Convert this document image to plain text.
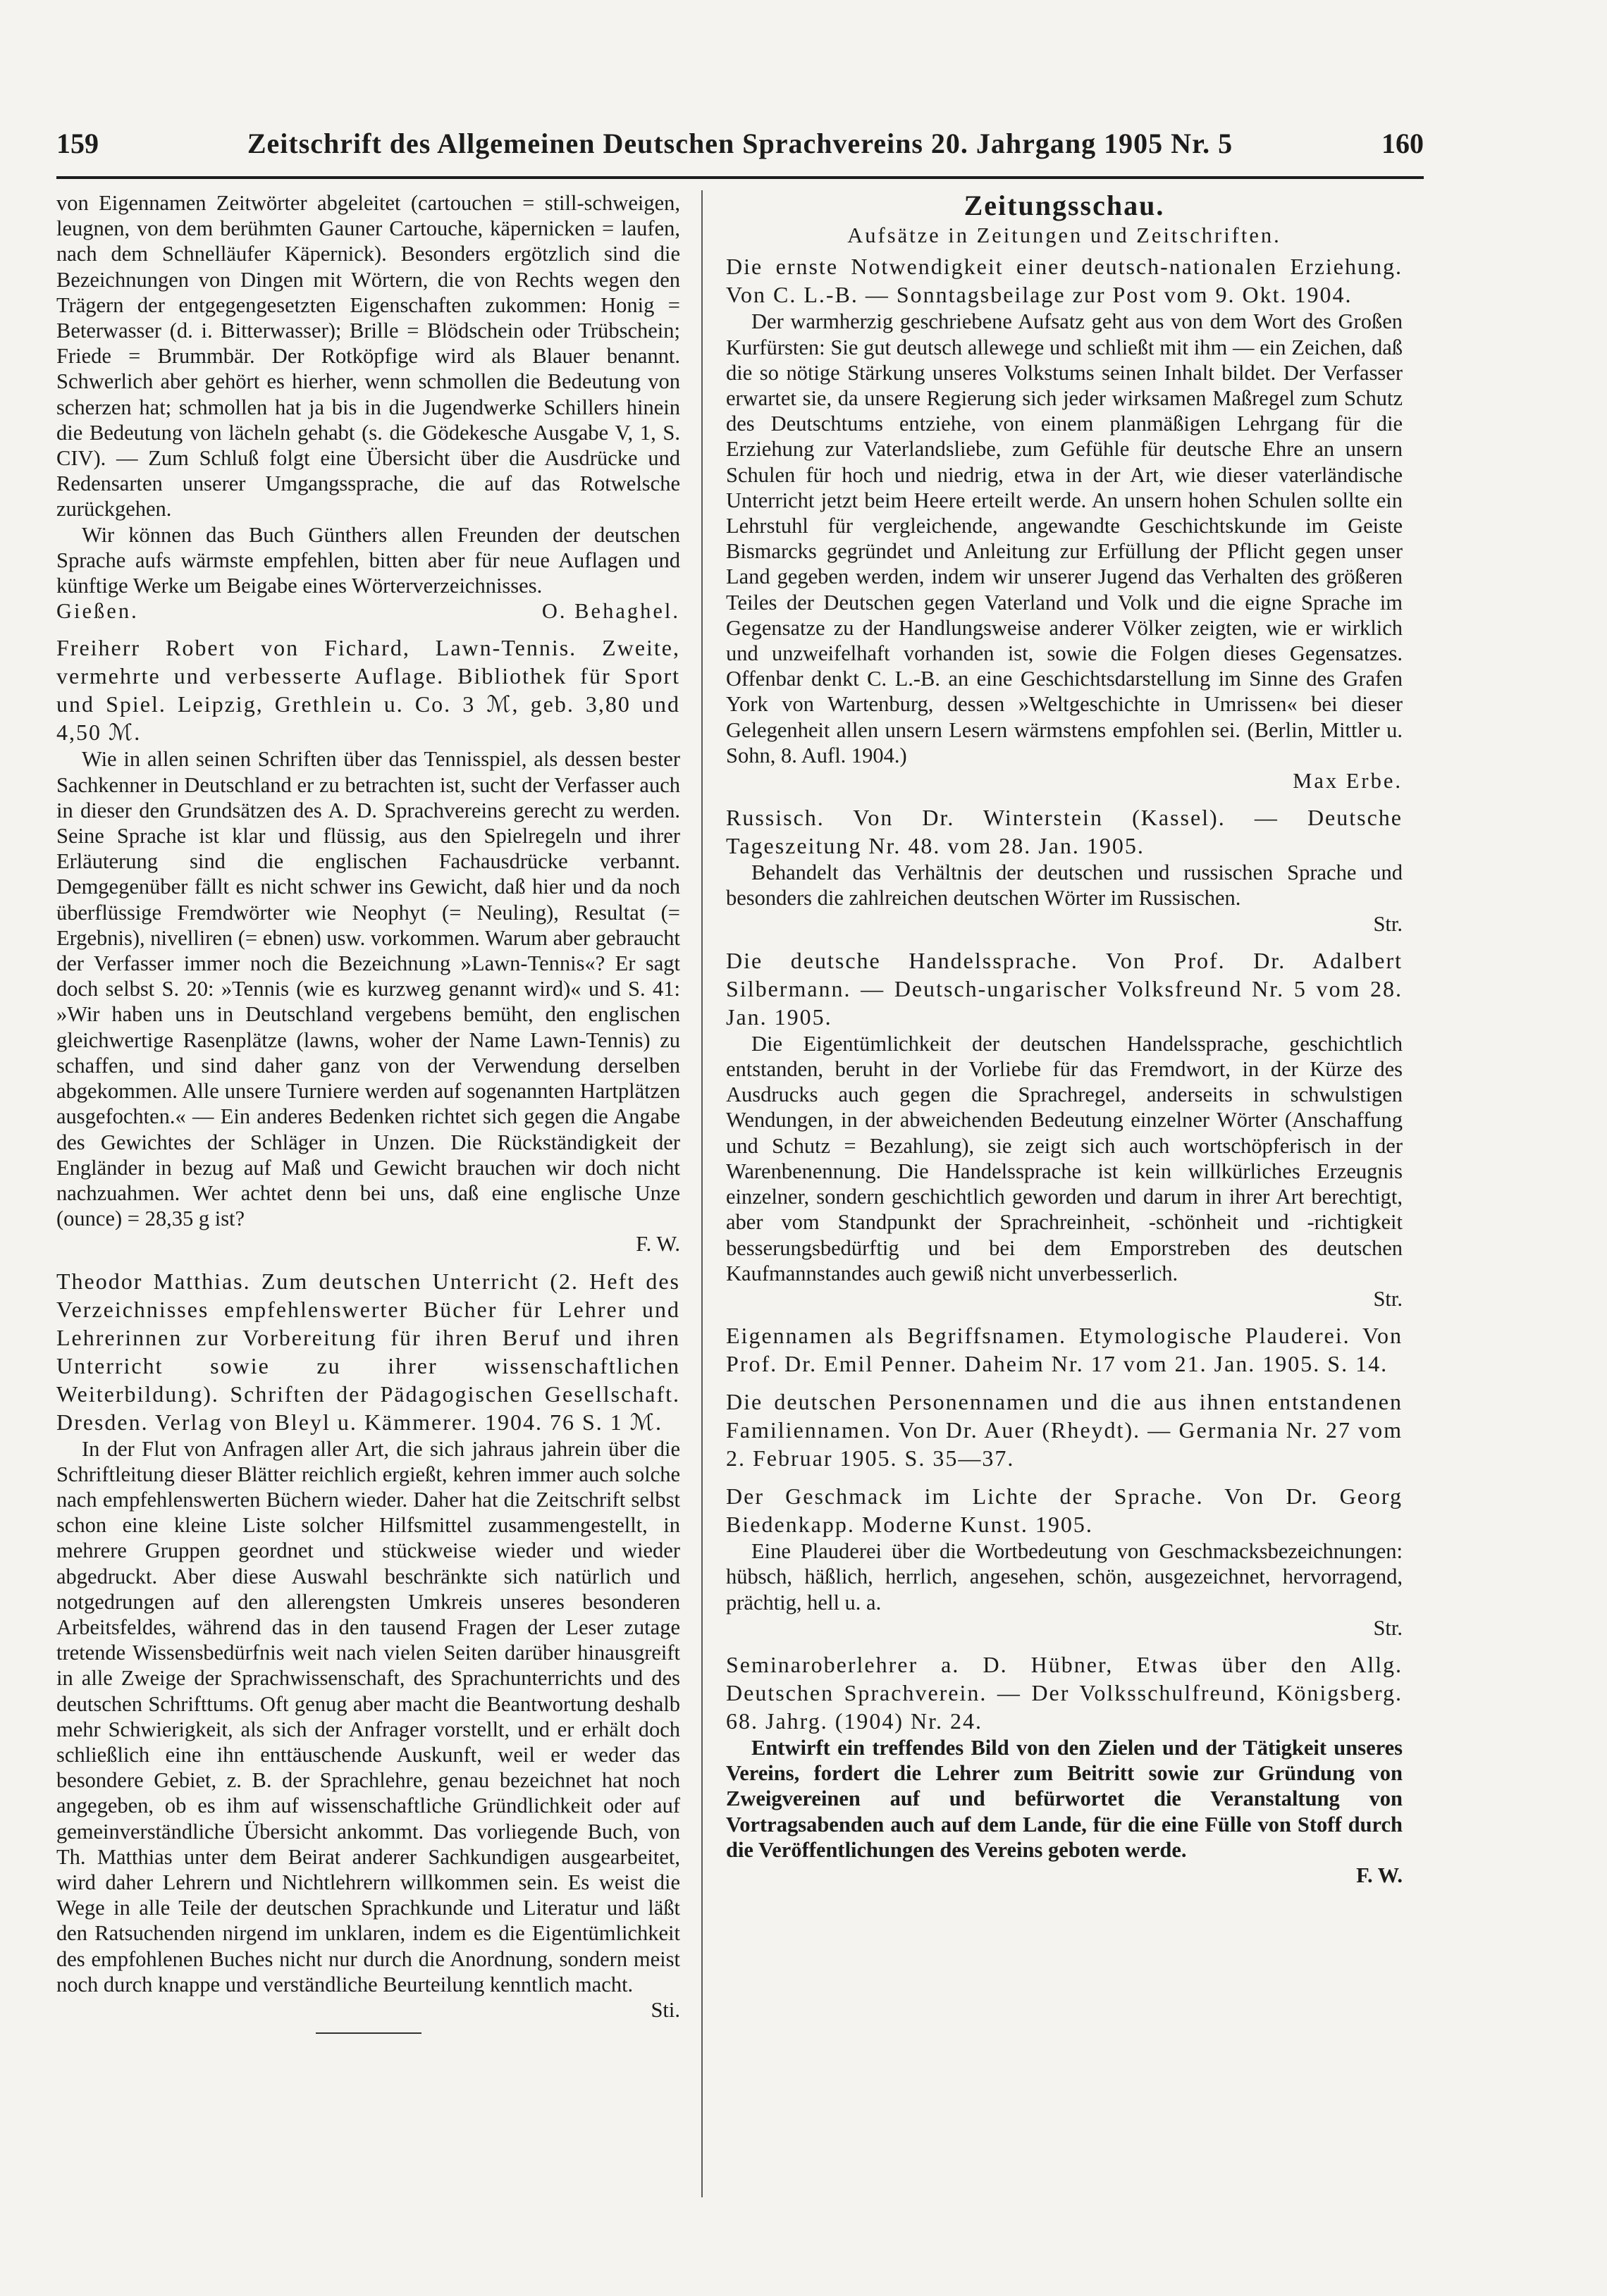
159	Zeitschrift des Allgemeinen Deutschen Sprachvereins 20. Jahrgang 1905 Nr. 5	160

von Eigennamen Zeitwörter abgeleitet (cartouchen = still-schweigen, leugnen, von dem berühmten Gauner Cartouche, käpernicken = laufen, nach dem Schnelläufer Käpernick). Besonders ergötzlich sind die Bezeichnungen von Dingen mit Wörtern, die von Rechts wegen den Trägern der entgegengesetzten Eigenschaften zukommen: Honig = Beterwasser (d. i. Bitterwasser); Brille = Blödschein oder Trübschein; Friede = Brummbär. Der Rotköpfige wird als Blauer benannt. Schwerlich aber gehört es hierher, wenn schmollen die Bedeutung von scherzen hat; schmollen hat ja bis in die Jugendwerke Schillers hinein die Bedeutung von lächeln gehabt (s. die Gödekesche Ausgabe V, 1, S. CIV). — Zum Schluß folgt eine Übersicht über die Ausdrücke und Redensarten unserer Umgangssprache, die auf das Rotwelsche zurückgehen.

Wir können das Buch Günthers allen Freunden der deutschen Sprache aufs wärmste empfehlen, bitten aber für neue Auflagen und künftige Werke um Beigabe eines Wörterverzeichnisses.

Gießen.	O. Behaghel.

Freiherr Robert von Fichard, Lawn-Tennis. Zweite, vermehrte und verbesserte Auflage. Bibliothek für Sport und Spiel. Leipzig, Grethlein u. Co. 3 ℳ, geb. 3,80 und 4,50 ℳ.

Wie in allen seinen Schriften über das Tennisspiel, als dessen bester Sachkenner in Deutschland er zu betrachten ist, sucht der Verfasser auch in dieser den Grundsätzen des A. D. Sprachvereins gerecht zu werden. Seine Sprache ist klar und flüssig, aus den Spielregeln und ihrer Erläuterung sind die englischen Fachausdrücke verbannt. Demgegenüber fällt es nicht schwer ins Gewicht, daß hier und da noch überflüssige Fremdwörter wie Neophyt (= Neuling), Resultat (= Ergebnis), nivelliren (= ebnen) usw. vorkommen. Warum aber gebraucht der Verfasser immer noch die Bezeichnung »Lawn-Tennis«? Er sagt doch selbst S. 20: »Tennis (wie es kurzweg genannt wird)« und S. 41: »Wir haben uns in Deutschland vergebens bemüht, den englischen gleichwertige Rasenplätze (lawns, woher der Name Lawn-Tennis) zu schaffen, und sind daher ganz von der Verwendung derselben abgekommen. Alle unsere Turniere werden auf sogenannten Hartplätzen ausgefochten.« — Ein anderes Bedenken richtet sich gegen die Angabe des Gewichtes der Schläger in Unzen. Die Rückständigkeit der Engländer in bezug auf Maß und Gewicht brauchen wir doch nicht nachzuahmen. Wer achtet denn bei uns, daß eine englische Unze (ounce) = 28,35 g ist?

F. W.

Theodor Matthias. Zum deutschen Unterricht (2. Heft des Verzeichnisses empfehlenswerter Bücher für Lehrer und Lehrerinnen zur Vorbereitung für ihren Beruf und ihren Unterricht sowie zu ihrer wissenschaftlichen Weiterbildung). Schriften der Pädagogischen Gesellschaft. Dresden. Verlag von Bleyl u. Kämmerer. 1904. 76 S. 1 ℳ.

In der Flut von Anfragen aller Art, die sich jahraus jahrein über die Schriftleitung dieser Blätter reichlich ergießt, kehren immer auch solche nach empfehlenswerten Büchern wieder. Daher hat die Zeitschrift selbst schon eine kleine Liste solcher Hilfsmittel zusammengestellt, in mehrere Gruppen geordnet und stückweise wieder und wieder abgedruckt. Aber diese Auswahl beschränkte sich natürlich und notgedrungen auf den allerengsten Umkreis unseres besonderen Arbeitsfeldes, während das in den tausend Fragen der Leser zutage tretende Wissensbedürfnis weit nach vielen Seiten darüber hinausgreift in alle Zweige der Sprachwissenschaft, des Sprachunterrichts und des deutschen Schrifttums. Oft genug aber macht die Beantwortung deshalb mehr Schwierigkeit, als sich der Anfrager vorstellt, und er erhält doch schließlich eine ihn enttäuschende Auskunft, weil er weder das besondere Gebiet, z. B. der Sprachlehre, genau bezeichnet hat noch angegeben, ob es ihm auf wissenschaftliche Gründlichkeit oder auf gemeinverständliche Übersicht ankommt. Das vorliegende Buch, von Th. Matthias unter dem Beirat anderer Sachkundigen ausgearbeitet, wird daher Lehrern und Nichtlehrern willkommen sein. Es weist die Wege in alle Teile der deutschen Sprachkunde und Literatur und läßt den Ratsuchenden nirgend im unklaren, indem es die Eigentümlichkeit des empfohlenen Buches nicht nur durch die Anordnung, sondern meist noch durch knappe und verständliche Beurteilung kenntlich macht.

Sti.

Zeitungsschau.

Aufsätze in Zeitungen und Zeitschriften.

Die ernste Notwendigkeit einer deutsch-nationalen Erziehung. Von C. L.-B. — Sonntagsbeilage zur Post vom 9. Okt. 1904.

Der warmherzig geschriebene Aufsatz geht aus von dem Wort des Großen Kurfürsten: Sie gut deutsch allewege und schließt mit ihm — ein Zeichen, daß die so nötige Stärkung unseres Volkstums seinen Inhalt bildet. Der Verfasser erwartet sie, da unsere Regierung sich jeder wirksamen Maßregel zum Schutz des Deutschtums entziehe, von einem planmäßigen Lehrgang für die Erziehung zur Vaterlandsliebe, zum Gefühle für deutsche Ehre an unsern Schulen für hoch und niedrig, etwa in der Art, wie dieser vaterländische Unterricht jetzt beim Heere erteilt werde. An unsern hohen Schulen sollte ein Lehrstuhl für vergleichende, angewandte Geschichtskunde im Geiste Bismarcks gegründet und Anleitung zur Erfüllung der Pflicht gegen unser Land gegeben werden, indem wir unserer Jugend das Verhalten des größeren Teiles der Deutschen gegen Vaterland und Volk und die eigne Sprache im Gegensatze zu der Handlungsweise anderer Völker zeigten, wie er wirklich und unzweifelhaft vorhanden ist, sowie die Folgen dieses Gegensatzes. Offenbar denkt C. L.-B. an eine Geschichtsdarstellung im Sinne des Grafen York von Wartenburg, dessen »Weltgeschichte in Umrissen« bei dieser Gelegenheit allen unsern Lesern wärmstens empfohlen sei. (Berlin, Mittler u. Sohn, 8. Aufl. 1904.)

Max Erbe.

Russisch. Von Dr. Winterstein (Kassel). — Deutsche Tageszeitung Nr. 48. vom 28. Jan. 1905.

Behandelt das Verhältnis der deutschen und russischen Sprache und besonders die zahlreichen deutschen Wörter im Russischen.

Str.

Die deutsche Handelssprache. Von Prof. Dr. Adalbert Silbermann. — Deutsch-ungarischer Volksfreund Nr. 5 vom 28. Jan. 1905.

Die Eigentümlichkeit der deutschen Handelssprache, geschichtlich entstanden, beruht in der Vorliebe für das Fremdwort, in der Kürze des Ausdrucks auch gegen die Sprachregel, anderseits in schwulstigen Wendungen, in der abweichenden Bedeutung einzelner Wörter (Anschaffung und Schutz = Bezahlung), sie zeigt sich auch wortschöpferisch in der Warenbenennung. Die Handelssprache ist kein willkürliches Erzeugnis einzelner, sondern geschichtlich geworden und darum in ihrer Art berechtigt, aber vom Standpunkt der Sprachreinheit, -schönheit und -richtigkeit besserungsbedürftig und bei dem Emporstreben des deutschen Kaufmannstandes auch gewiß nicht unverbesserlich.

Str.

Eigennamen als Begriffsnamen. Etymologische Plauderei. Von Prof. Dr. Emil Penner. Daheim Nr. 17 vom 21. Jan. 1905. S. 14.

Die deutschen Personennamen und die aus ihnen entstandenen Familiennamen. Von Dr. Auer (Rheydt). — Germania Nr. 27 vom 2. Februar 1905. S. 35—37.

Der Geschmack im Lichte der Sprache. Von Dr. Georg Biedenkapp. Moderne Kunst. 1905.

Eine Plauderei über die Wortbedeutung von Geschmacksbezeichnungen: hübsch, häßlich, herrlich, angesehen, schön, ausgezeichnet, hervorragend, prächtig, hell u. a.

Str.

Seminaroberlehrer a. D. Hübner, Etwas über den Allg. Deutschen Sprachverein. — Der Volksschulfreund, Königsberg. 68. Jahrg. (1904) Nr. 24.

Entwirft ein treffendes Bild von den Zielen und der Tätigkeit unseres Vereins, fordert die Lehrer zum Beitritt sowie zur Gründung von Zweigvereinen auf und befürwortet die Veranstaltung von Vortragsabenden auch auf dem Lande, für die eine Fülle von Stoff durch die Veröffentlichungen des Vereins geboten werde.

F. W.
